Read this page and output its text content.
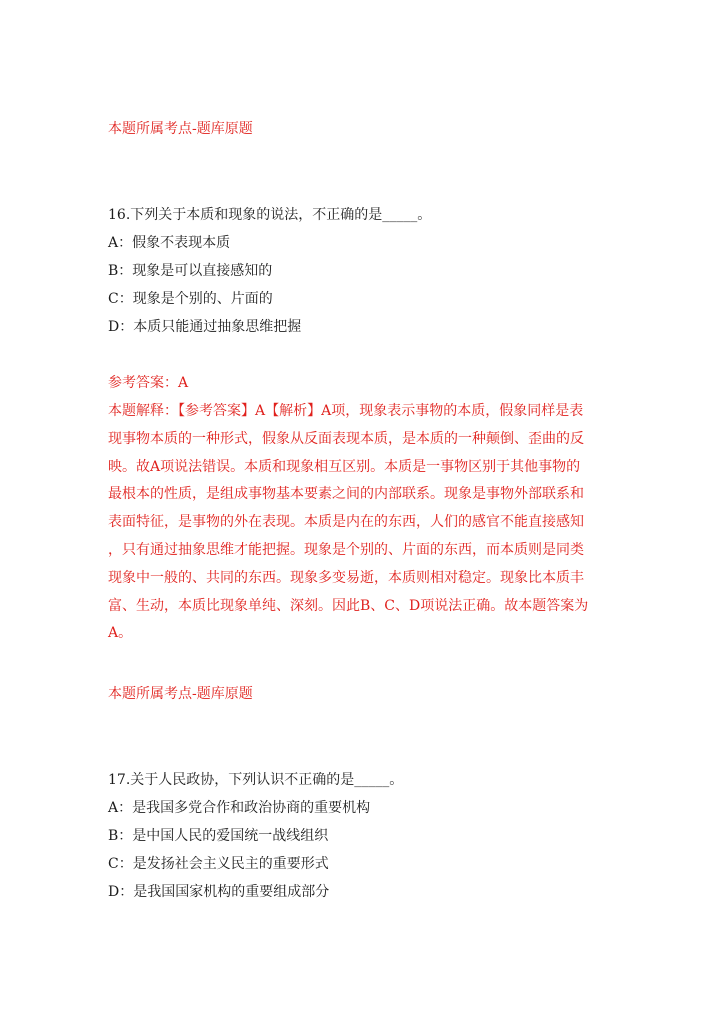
本题所属考点-题库原题
16.下列关于本质和现象的说法，不正确的是_____。
A：假象不表现本质
B：现象是可以直接感知的
C：现象是个别的、片面的
D：本质只能通过抽象思维把握
参考答案：A
本题解释：【参考答案】A【解析】A项，现象表示事物的本质，假象同样是表
现事物本质的一种形式，假象从反面表现本质，是本质的一种颠倒、歪曲的反
映。故A项说法错误。本质和现象相互区别。本质是一事物区别于其他事物的
最根本的性质，是组成事物基本要素之间的内部联系。现象是事物外部联系和
表面特征，是事物的外在表现。本质是内在的东西，人们的感官不能直接感知
，只有通过抽象思维才能把握。现象是个别的、片面的东西，而本质则是同类
现象中一般的、共同的东西。现象多变易逝，本质则相对稳定。现象比本质丰
富、生动，本质比现象单纯、深刻。因此B、C、D项说法正确。故本题答案为
A。
本题所属考点-题库原题
17.关于人民政协，下列认识不正确的是_____。
A：是我国多党合作和政治协商的重要机构
B：是中国人民的爱国统一战线组织
C：是发扬社会主义民主的重要形式
D：是我国国家机构的重要组成部分
